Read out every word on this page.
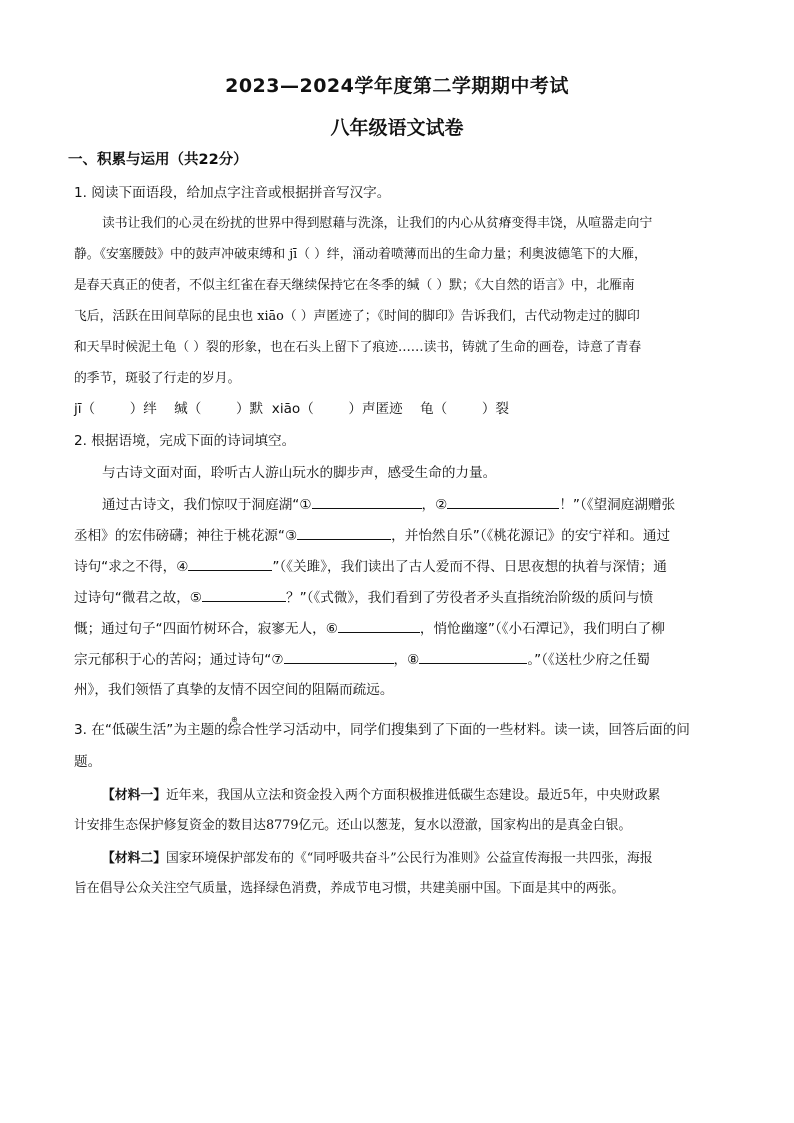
2023—2024学年度第二学期期中考试
八年级语文试卷
一、积累与运用（共22分）
1. 阅读下面语段，给加点字注音或根据拼音写汉字。
读书让我们的心灵在纷扰的世界中得到慰藉与洗涤，让我们的内心从贫瘠变得丰饶，从喧嚣走向宁
静。《安塞腰鼓》中的鼓声冲破束缚和 jī（ ）绊，涌动着喷薄而出的生命力量；利奥波德笔下的大雁，
是春天真正的使者，不似主红雀在春天继续保持它在冬季的缄（ ）默；《大自然的语言》中，北雁南
飞后，活跃在田间草际的昆虫也 xiāo（ ）声匿迹了；《时间的脚印》告诉我们，古代动物走过的脚印
和天旱时候泥土龟（ ）裂的形象，也在石头上留下了痕迹……读书，铸就了生命的画卷，诗意了青春
的季节，斑驳了行走的岁月。
jī（        ）绊    缄（        ）默  xiāo（        ）声匿迹    龟（        ）裂
2. 根据语境，完成下面的诗词填空。
与古诗文面对面，聆听古人游山玩水的脚步声，感受生命的力量。
通过古诗文，我们惊叹于洞庭湖“①	，②	！”（《望洞庭湖赠张
丞相》的宏伟磅礴；神往于桃花源“③	，并怡然自乐”（《桃花源记》的安宁祥和。通过
诗句“求之不得，④	”（《关雎》，我们读出了古人爱而不得、日思夜想的执着与深情；通
过诗句“微君之故，⑤	？”（《式微》，我们看到了劳役者矛头直指统治阶级的质问与愤
慨；通过句子“四面竹树环合，寂寥无人，⑥	，悄怆幽邃”（《小石潭记》，我们明白了柳
宗元郁积于心的苦闷；通过诗句“⑦	，⑧	。”（《送杜少府之任蜀
州》，我们领悟了真挚的友情不因空间的阻隔而疏远。
3. 在“低碳生活”为主题的综合性学习活动中，同学们搜集到了下面的一些材料。读一读，回答后面的问
⊕
题。
【材料一】近年来，我国从立法和资金投入两个方面积极推进低碳生态建设。最近5年，中央财政累
计安排生态保护修复资金的数目达8779亿元。还山以葱茏，复水以澄澈，国家构出的是真金白银。
【材料二】国家环境保护部发布的《“同呼吸共奋斗”公民行为准则》公益宣传海报一共四张，海报
旨在倡导公众关注空气质量，选择绿色消费，养成节电习惯，共建美丽中国。下面是其中的两张。
